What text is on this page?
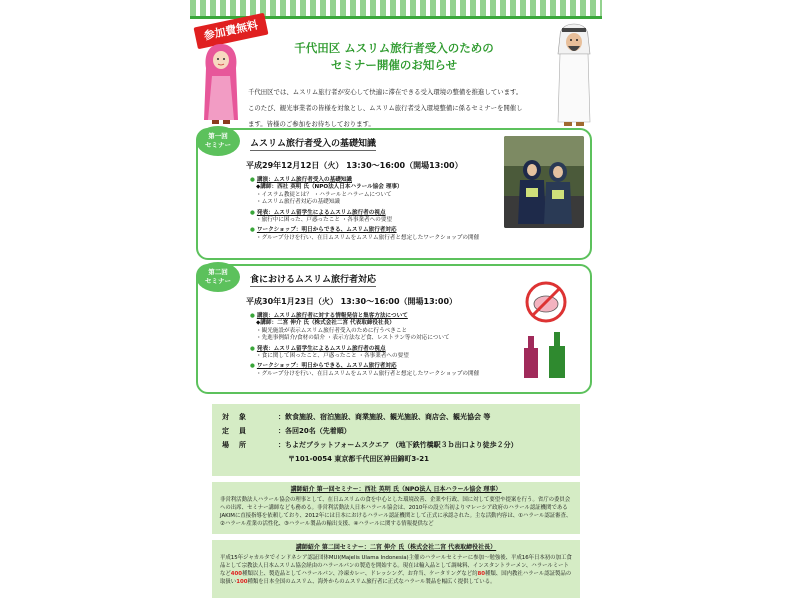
参加費無料
千代田区 ムスリム旅行者受入のための
セミナー開催のお知らせ
千代田区では、ムスリム旅行者が安心して快適に滞在できる受入環境の整備を推進しています。
このたび、観光事業者の皆様を対象とし、ムスリム旅行者受入環境整備に係るセミナーを開催し
ます。皆様のご参加をお待ちしております。
第一回
セミナー	ムスリム旅行者受入の基礎知識
平成29年12月12日（火） 13:30～16:00（開場13:00）
● 講演：ムスリム旅行者受入の基礎知識
◆講師：西社 英明 氏（NPO法人日本ハラール協会 理事）
・イスラム教徒とは？ ・ハラールとハラームについて
・ムスリム旅行者対応の基礎知識
● 発表：ムスリム留学生によるムスリム旅行者の視点
・旅行中に困った、戸惑ったこと ・各事業者への要望
● ワークショップ：明日からできる、ムスリム旅行者対応
・グループ分けを行い、在日ムスリムをムスリム旅行者と想定したワークショップの開催
第二回
セミナー	食におけるムスリム旅行者対応
平成30年1月23日（火） 13:30～16:00（開場13:00）
● 講演：ムスリム旅行者に対する情報発信と集客方法について
◆講師：二宮 伸介 氏（株式会社二宮 代表取締役社長）
・観光施設が表示ムスリム旅行者受入のために行うべきこと
・先進事例紹介/食材の紹介 ・表示方法など食、レストラン等の対応について
● 発表：ムスリム留学生によるムスリム旅行者の視点
・食に関して困ったこと、戸惑ったこと ・各事業者への要望
● ワークショップ：明日からできる、ムスリム旅行者対応
・グループ分けを行い、在日ムスリムをムスリム旅行者と想定したワークショップの開催
対象	：飲食施設、宿泊施設、商業施設、観光施設、商店会、観光協会 等
定員	：各回20名（先着順）
場所	：ちよだプラットフォームスクエア （地下鉄竹橋駅３ｂ出口より徒歩２分）
〒101-0054 東京都千代田区神田錦町3-21
講師紹介 第一回セミナー：西社 英明 氏（NPO法人 日本ハラール協会 理事）
非営利活動法人ハラール協会の理事として、在日ムスリムの食を中心とした環境改善、企業や行政、国に対して要望や提案を行う。省庁の委員会への出席、セミナー講師なども務める。非営利活動法人日本ハラール協会は、2010年の設立当初よりマレーシア政府のハラール認証機関であるJAKIMに直接指導を依頼しており、2012年には日本におけるハラール認証機関として正式に承認された。主な活動内容は、①ハラール認証審査、②ハラール産業の活性化、③ハラール製品の輸出支援、④ハラールに関する情報提供など
講師紹介 第二回セミナー：二宮 伸介 氏（株式会社二宮 代表取締役社長）
平成15年ジャカルタでインドネシア認証団体MUI(Majelis Ulama Indonesia)主催のハラールセミナーに参加～勉強後、平成16年日本初の加工食品として宗教法人日本ムスリム協会経由のハラールパンの製造を開始する。現在は輸入品として調味料、インスタントラーメン、ハラールミートなど400種類以上、製造品としてハラールパン、冷凍カレー、ドレッシング、お弁当、ケータリングなど約80種類、国内教社ハラール認証製品の取扱い100種類を日本全国のムスリム、海外からのムスリム旅行者に正式なハラール製品を幅広く提供している。
